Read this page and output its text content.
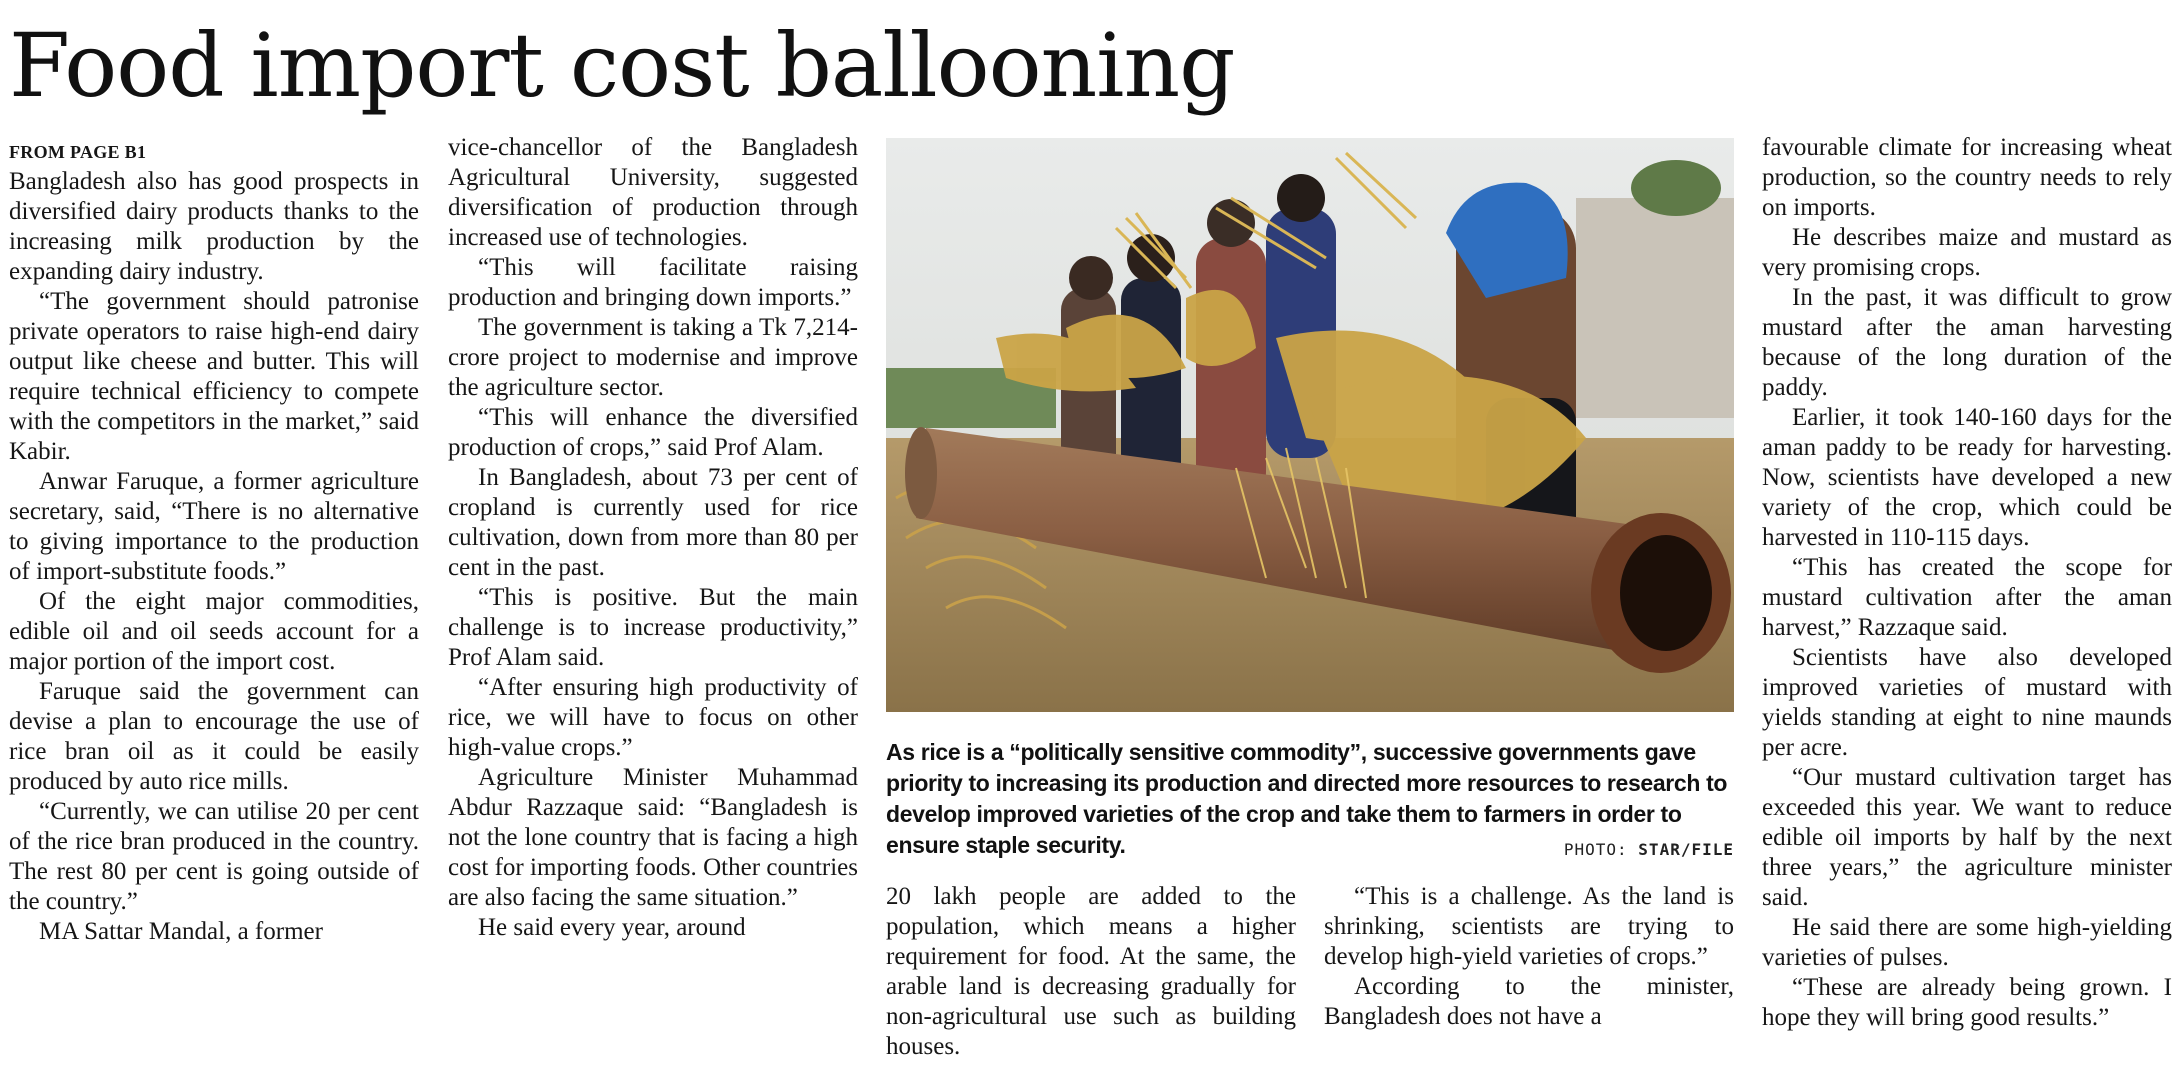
Food import cost ballooning
FROM PAGE B1

Bangladesh also has good prospects in diversified dairy products thanks to the increasing milk production by the expanding dairy industry.

“The government should patronise private operators to raise high-end dairy output like cheese and butter. This will require technical efficiency to compete with the competitors in the market,” said Kabir.

Anwar Faruque, a former agriculture secretary, said, “There is no alternative to giving importance to the production of import-substitute foods.”

Of the eight major commodities, edible oil and oil seeds account for a major portion of the import cost.

Faruque said the government can devise a plan to encourage the use of rice bran oil as it could be easily produced by auto rice mills.

“Currently, we can utilise 20 per cent of the rice bran produced in the country. The rest 80 per cent is going outside of the country.”

MA Sattar Mandal, a former

vice-chancellor of the Bangladesh Agricultural University, suggested diversification of production through increased use of technologies.

“This will facilitate raising production and bringing down imports.”

The government is taking a Tk 7,214-crore project to modernise and improve the agriculture sector.

“This will enhance the diversified production of crops,” said Prof Alam.

In Bangladesh, about 73 per cent of cropland is currently used for rice cultivation, down from more than 80 per cent in the past.

“This is positive. But the main challenge is to increase productivity,” Prof Alam said.

“After ensuring high productivity of rice, we will have to focus on other high-value crops.”

Agriculture Minister Muhammad Abdur Razzaque said: “Bangladesh is not the lone country that is facing a high cost for importing foods. Other countries are also facing the same situation.”

He said every year, around

As rice is a “politically sensitive commodity”, successive governments gave priority to increasing its production and directed more resources to research to develop improved varieties of the crop and take them to farmers in order to ensure staple security.	PHOTO: STAR/FILE

20 lakh people are added to the population, which means a higher requirement for food. At the same, the arable land is decreasing gradually for non-agricultural use such as building houses.

“This is a challenge. As the land is shrinking, scientists are trying to develop high-yield varieties of crops.”

According to the minister, Bangladesh does not have a

favourable climate for increasing wheat production, so the country needs to rely on imports.

He describes maize and mustard as very promising crops.

In the past, it was difficult to grow mustard after the aman harvesting because of the long duration of the paddy.

Earlier, it took 140-160 days for the aman paddy to be ready for harvesting. Now, scientists have developed a new variety of the crop, which could be harvested in 110-115 days.

“This has created the scope for mustard cultivation after the aman harvest,” Razzaque said.

Scientists have also developed improved varieties of mustard with yields standing at eight to nine maunds per acre.

“Our mustard cultivation target has exceeded this year. We want to reduce edible oil imports by half by the next three years,” the agriculture minister said.

He said there are some high-yielding varieties of pulses.

“These are already being grown. I hope they will bring good results.”
